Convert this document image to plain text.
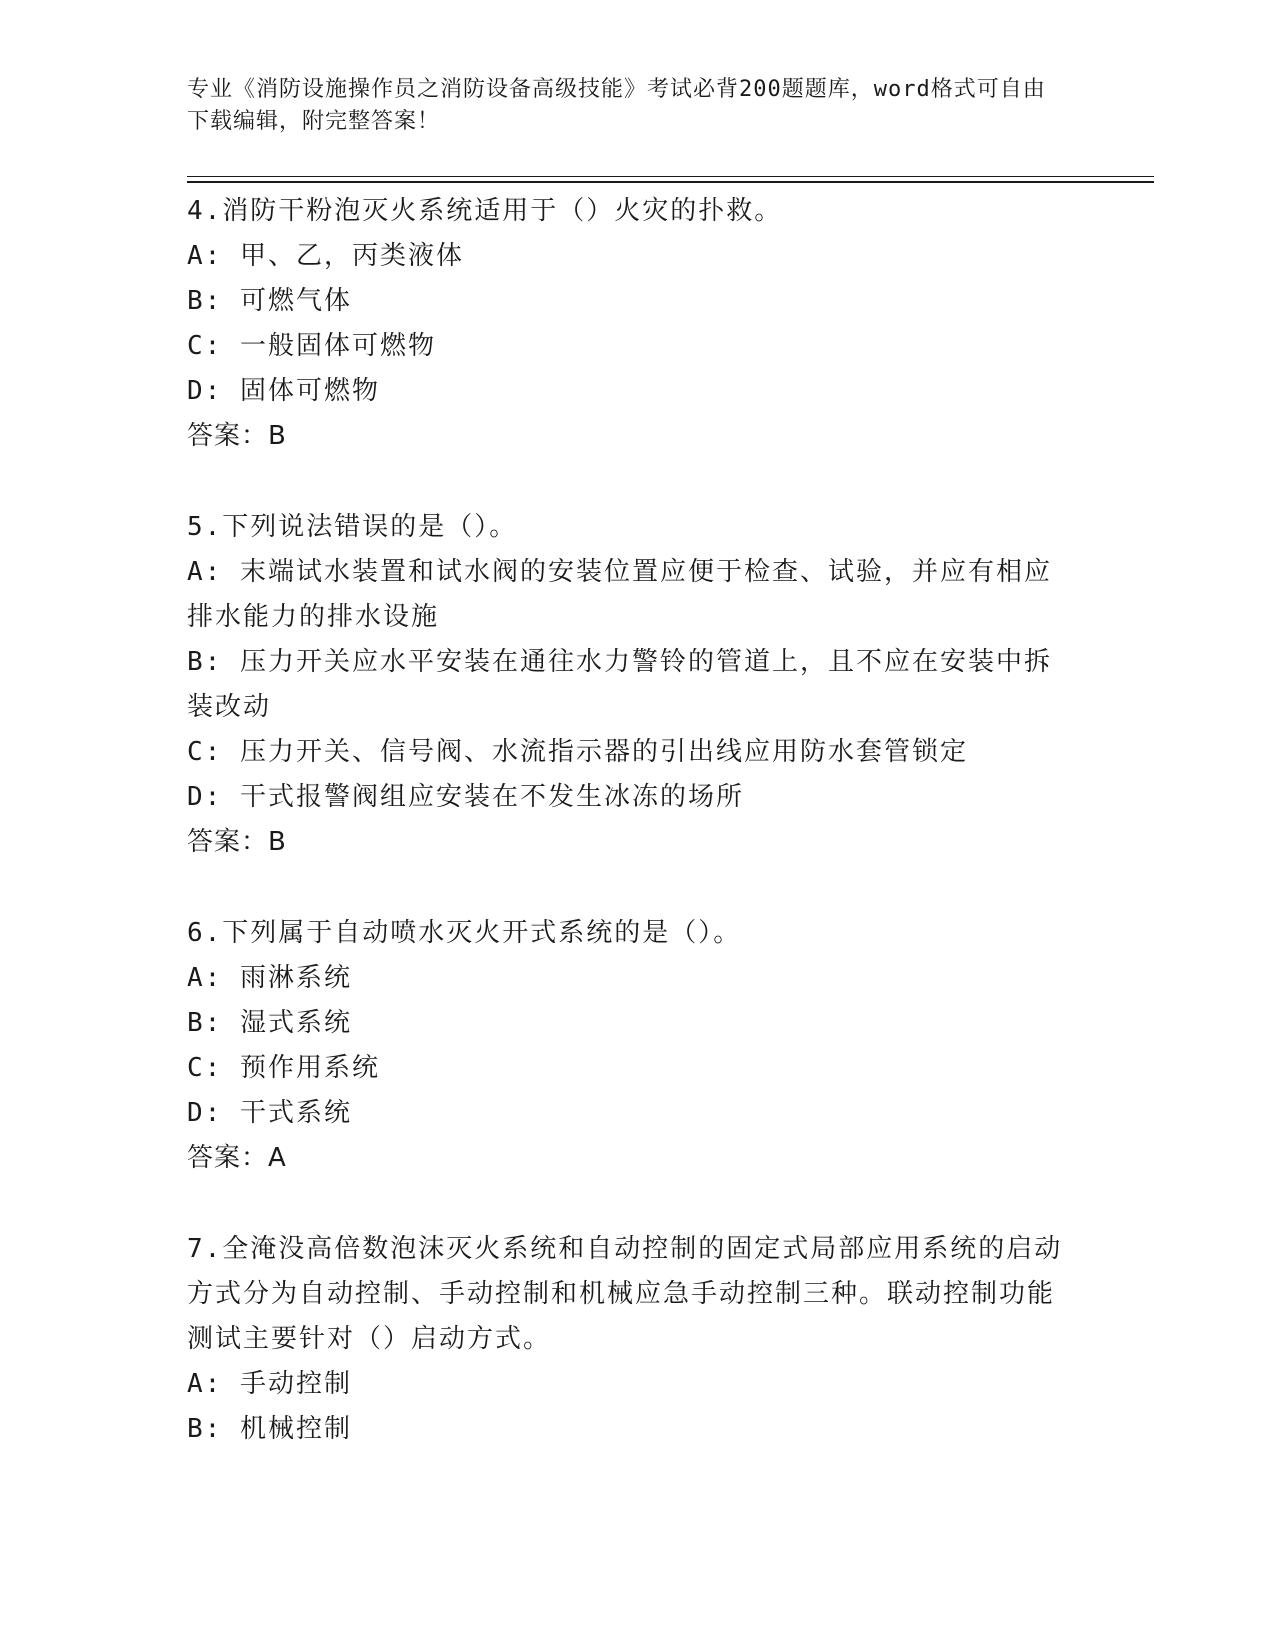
专业《消防设施操作员之消防设备高级技能》考试必背200题题库，word格式可自由下载编辑，附完整答案！
4.消防干粉泡灭火系统适用于（）火灾的扑救。
A: 甲、乙，丙类液体
B: 可燃气体
C: 一般固体可燃物
D: 固体可燃物
答案：B
5.下列说法错误的是（）。
A: 末端试水装置和试水阀的安装位置应便于检查、试验，并应有相应排水能力的排水设施
B: 压力开关应水平安装在通往水力警铃的管道上，且不应在安装中拆装改动
C: 压力开关、信号阀、水流指示器的引出线应用防水套管锁定
D: 干式报警阀组应安装在不发生冰冻的场所
答案：B
6.下列属于自动喷水灭火开式系统的是（）。
A: 雨淋系统
B: 湿式系统
C: 预作用系统
D: 干式系统
答案：A
7.全淹没高倍数泡沫灭火系统和自动控制的固定式局部应用系统的启动方式分为自动控制、手动控制和机械应急手动控制三种。联动控制功能测试主要针对（）启动方式。
A: 手动控制
B: 机械控制
